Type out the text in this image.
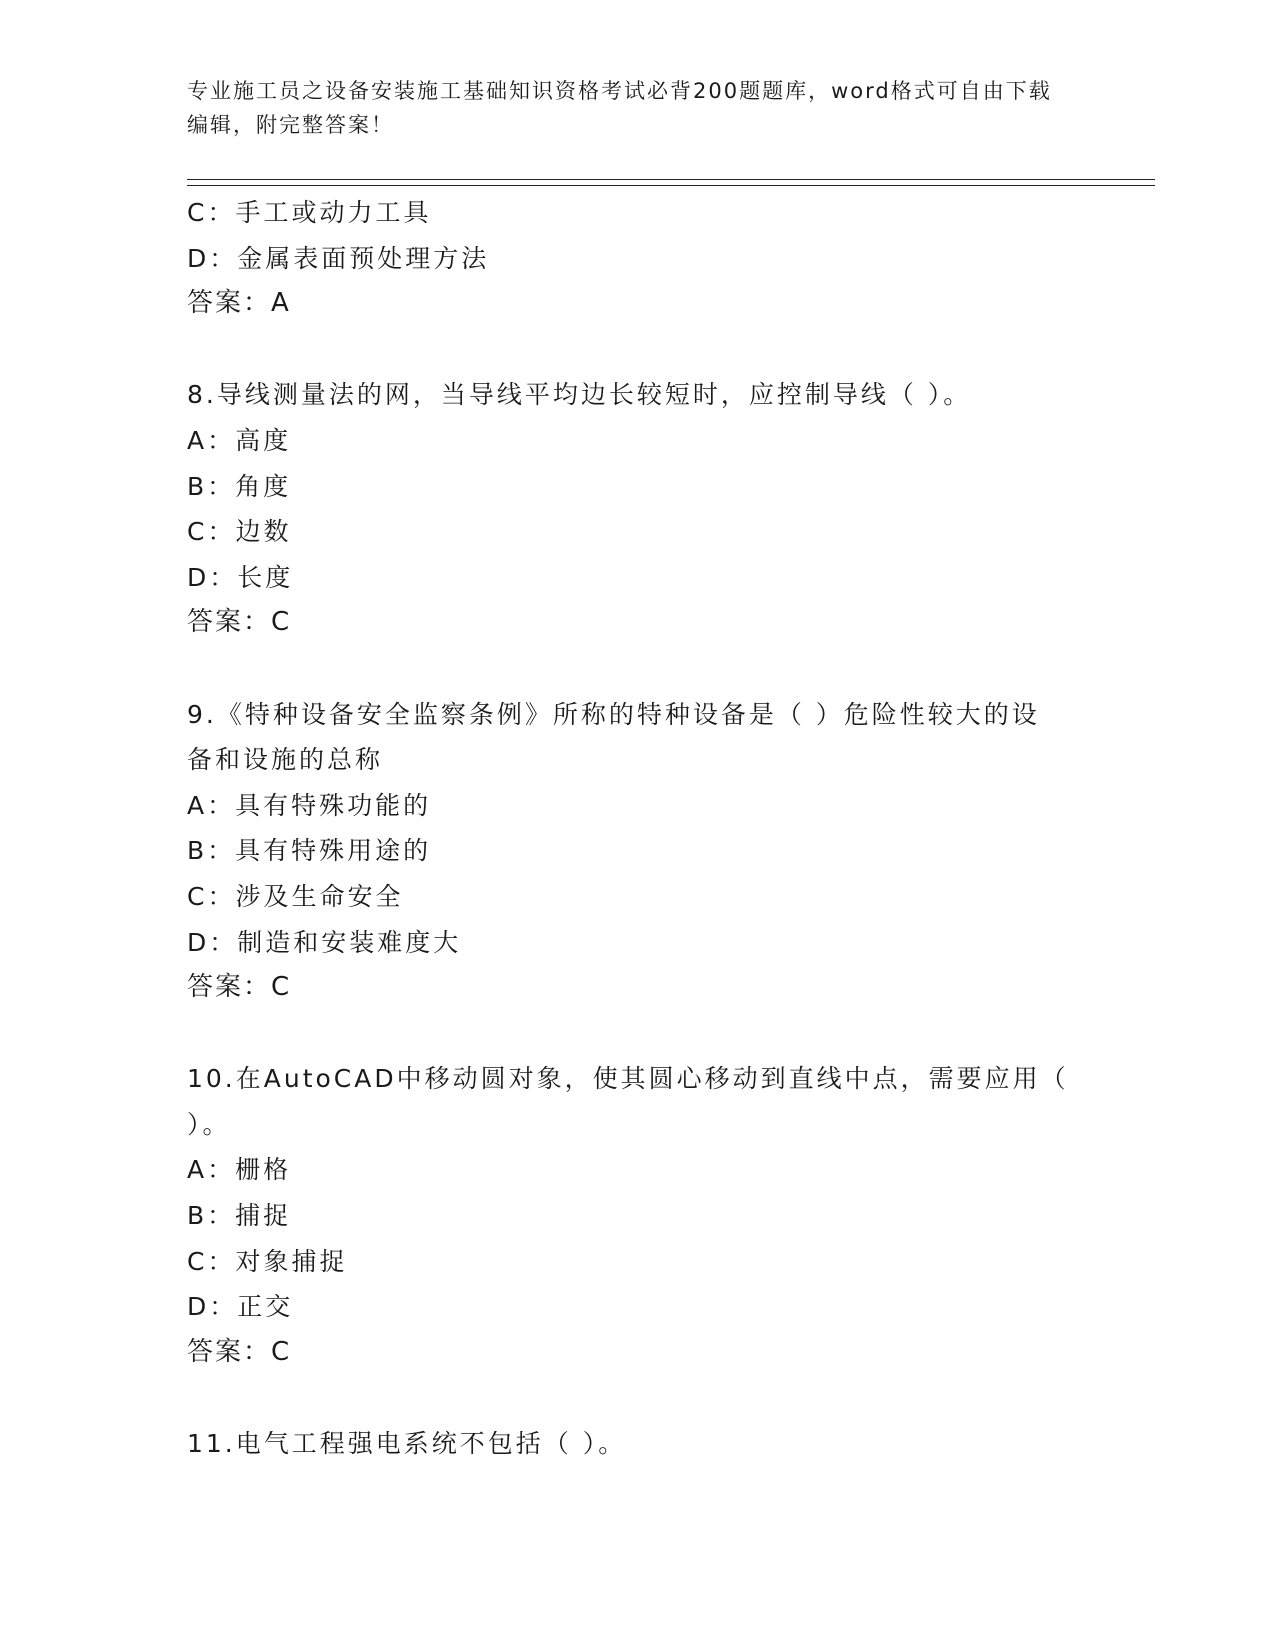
专业施工员之设备安装施工基础知识资格考试必背200题题库，word格式可自由下载编辑，附完整答案！
C：手工或动力工具
D：金属表面预处理方法
答案：A
8.导线测量法的网，当导线平均边长较短时，应控制导线（ ）。
A：高度
B：角度
C：边数
D：长度
答案：C
9.《特种设备安全监察条例》所称的特种设备是（ ）危险性较大的设
备和设施的总称
A：具有特殊功能的
B：具有特殊用途的
C：涉及生命安全
D：制造和安装难度大
答案：C
10.在AutoCAD中移动圆对象，使其圆心移动到直线中点，需要应用（
）。
A：栅格
B：捕捉
C：对象捕捉
D：正交
答案：C
11.电气工程强电系统不包括（ ）。
